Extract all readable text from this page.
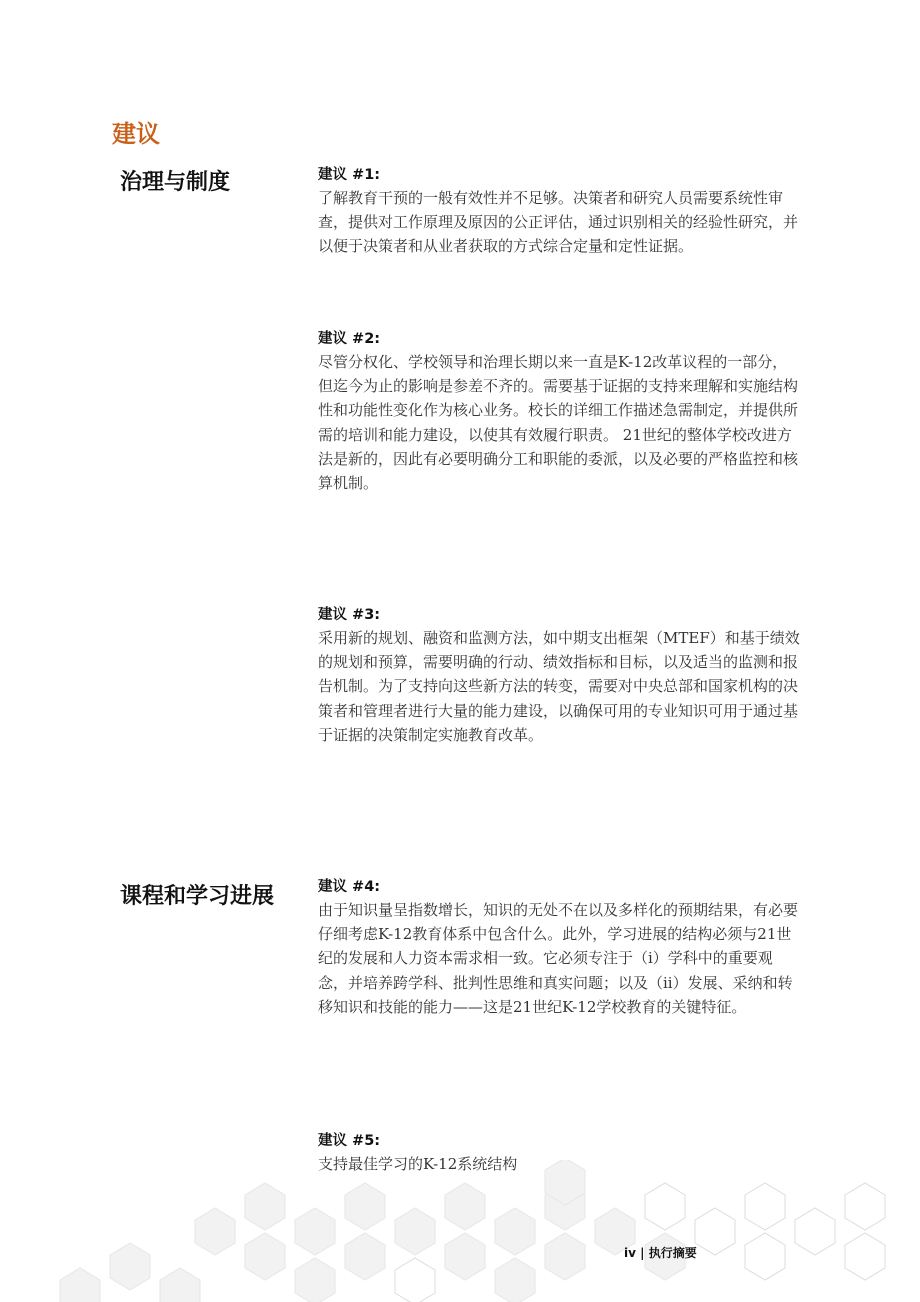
建议
治理与制度
课程和学习进展

建议 #1:

了解教育干预的一般有效性并不足够。决策者和研究人员需要系统性审查，提供对工作原理及原因的公正评估，通过识别相关的经验性研究，并以便于决策者和从业者获取的方式综合定量和定性证据。

建议 #2:

尽管分权化、学校领导和治理长期以来一直是K-12改革议程的一部分，但迄今为止的影响是参差不齐的。需要基于证据的支持来理解和实施结构性和功能性变化作为核心业务。校长的详细工作描述急需制定，并提供所需的培训和能力建设，以使其有效履行职责。 21世纪的整体学校改进方法是新的，因此有必要明确分工和职能的委派，以及必要的严格监控和核算机制。

建议 #3:

采用新的规划、融资和监测方法，如中期支出框架（MTEF）和基于绩效的规划和预算，需要明确的行动、绩效指标和目标，以及适当的监测和报告机制。为了支持向这些新方法的转变，需要对中央总部和国家机构的决策者和管理者进行大量的能力建设，以确保可用的专业知识可用于通过基于证据的决策制定实施教育改革。

建议 #4:

由于知识量呈指数增长，知识的无处不在以及多样化的预期结果，有必要仔细考虑K-12教育体系中包含什么。此外，学习进展的结构必须与21世纪的发展和人力资本需求相一致。它必须专注于（i）学科中的重要观念，并培养跨学科、批判性思维和真实问题；以及（ii）发展、采纳和转移知识和技能的能力——这是21世纪K-12学校教育的关键特征。

建议 #5:

支持最佳学习的K-12系统结构

iv | 执行摘要
